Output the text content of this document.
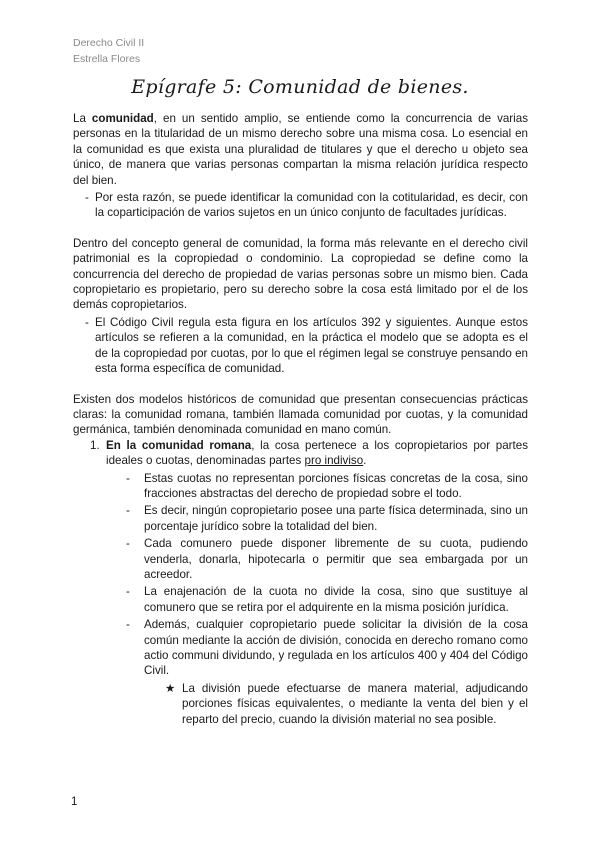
Derecho Civil II
Estrella Flores
Epígrafe 5: Comunidad de bienes.

La comunidad, en un sentido amplio, se entiende como la concurrencia de varias personas en la titularidad de un mismo derecho sobre una misma cosa. Lo esencial en la comunidad es que exista una pluralidad de titulares y que el derecho u objeto sea único, de manera que varias personas compartan la misma relación jurídica respecto del bien.

- Por esta razón, se puede identificar la comunidad con la cotitularidad, es decir, con la coparticipación de varios sujetos en un único conjunto de facultades jurídicas.

Dentro del concepto general de comunidad, la forma más relevante en el derecho civil patrimonial es la copropiedad o condominio. La copropiedad se define como la concurrencia del derecho de propiedad de varias personas sobre un mismo bien. Cada copropietario es propietario, pero su derecho sobre la cosa está limitado por el de los demás copropietarios.

- El Código Civil regula esta figura en los artículos 392 y siguientes. Aunque estos artículos se refieren a la comunidad, en la práctica el modelo que se adopta es el de la copropiedad por cuotas, por lo que el régimen legal se construye pensando en esta forma específica de comunidad.

Existen dos modelos históricos de comunidad que presentan consecuencias prácticas claras: la comunidad romana, también llamada comunidad por cuotas, y la comunidad germánica, también denominada comunidad en mano común.

1. En la comunidad romana, la cosa pertenece a los copropietarios por partes ideales o cuotas, denominadas partes pro indiviso.
- Estas cuotas no representan porciones físicas concretas de la cosa, sino fracciones abstractas del derecho de propiedad sobre el todo.
- Es decir, ningún copropietario posee una parte física determinada, sino un porcentaje jurídico sobre la totalidad del bien.
- Cada comunero puede disponer libremente de su cuota, pudiendo venderla, donarla, hipotecarla o permitir que sea embargada por un acreedor.
- La enajenación de la cuota no divide la cosa, sino que sustituye al comunero que se retira por el adquirente en la misma posición jurídica.
- Además, cualquier copropietario puede solicitar la división de la cosa común mediante la acción de división, conocida en derecho romano como actio communi dividundo, y regulada en los artículos 400 y 404 del Código Civil.
★ La división puede efectuarse de manera material, adjudicando porciones físicas equivalentes, o mediante la venta del bien y el reparto del precio, cuando la división material no sea posible.
1
